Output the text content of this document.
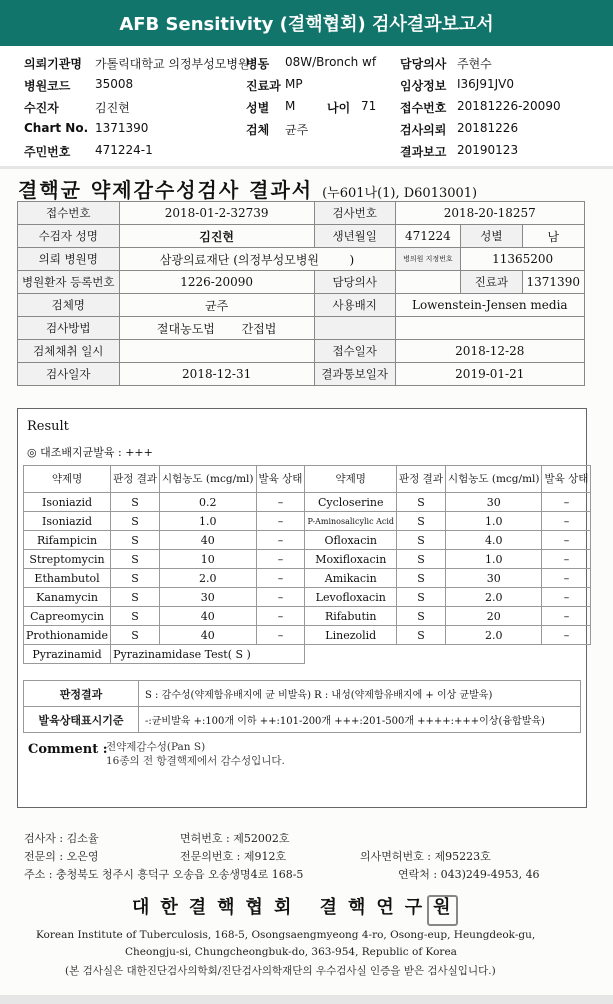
AFB Sensitivity (결핵협회) 검사결과보고서
의뢰기관명 가톨릭대학교 의정부성모병원
병동 08W/Bronch wf 담당의사 주현수
병원코드 35008	진료과 MP	임상정보 I36J91JV0
수진자	김진현	성별 M	나이 71 접수번호 20181226-20090
Chart No. 1371390	검체 균주	검사의뢰 20181226
주민번호 471224-1	결과보고 20190123
결핵균 약제감수성검사 결과서 (누601나(1), D6013001)
접수번호	2018-01-2-32739	검사번호	2018-20-18257		
수검자 성명	김진현	생년월일	471224	성별	남
의뢰 병원명	삼광의료재단 (의정부성모병원 )		병의원 지정번호	11365200	
병원환자 등록번호	1226-20090	담당의사		진료과	1371390
검체명	균주	사용배지	Lowenstein-Jensen media		
검사방법	절대농도법 간접법				
검체채취 일시		접수일자	2018-12-28		
검사일자	2018-12-31	결과통보일자	2019-01-21		
Result
◎ 대조배지균발육 : +++
약제명	판정 결과	시험농도 (mcg/ml)	발육 상태	약제명	판정 결과	시험농도 (mcg/ml)	발육 상태
Isoniazid	S	0.2	–	Cycloserine	S	30	–
Isoniazid	S	1.0	–	P-Aminosalicylic Acid	S	1.0	–
Rifampicin	S	40	–	Ofloxacin	S	4.0	–
Streptomycin	S	10	–	Moxifloxacin	S	1.0	–
Ethambutol	S	2.0	–	Amikacin	S	30	–
Kanamycin	S	30	–	Levofloxacin	S	2.0	–
Capreomycin	S	40	–	Rifabutin	S	20	–
Prothionamide	S	40	–	Linezolid	S	2.0	–
Pyrazinamid	Pyrazinamidase Test( S )						
판정결과	S : 감수성(약제함유배지에 균 비발육) R : 내성(약제함유배지에 + 이상 균발육)
발육상태표시기준	-:균비발육 +:100개 이하 ++:101-200개 +++:201-500개 ++++:+++이상(융합발육)
Comment :
전약제감수성(Pan S)
16종의 전 항결핵제에서 감수성입니다.
검사자 : 김소율	면허번호 : 제52002호
전문의 : 오은영	전문의번호 : 제912호	의사면허번호 : 제95223호
주소 : 충청북도 청주시 흥덕구 오송읍 오송생명4로 168-5	연락처 : 043)249-4953, 46
대한결핵협회 결핵연구원
Korean Institute of Tuberculosis, 168-5, Osongsaengmyeong 4-ro, Osong-eup, Heungdeok-gu,
Cheongju-si, Chungcheongbuk-do, 363-954, Republic of Korea
(본 검사실은 대한진단검사의학회/진단검사의학재단의 우수검사실 인증을 받은 검사실입니다.)
